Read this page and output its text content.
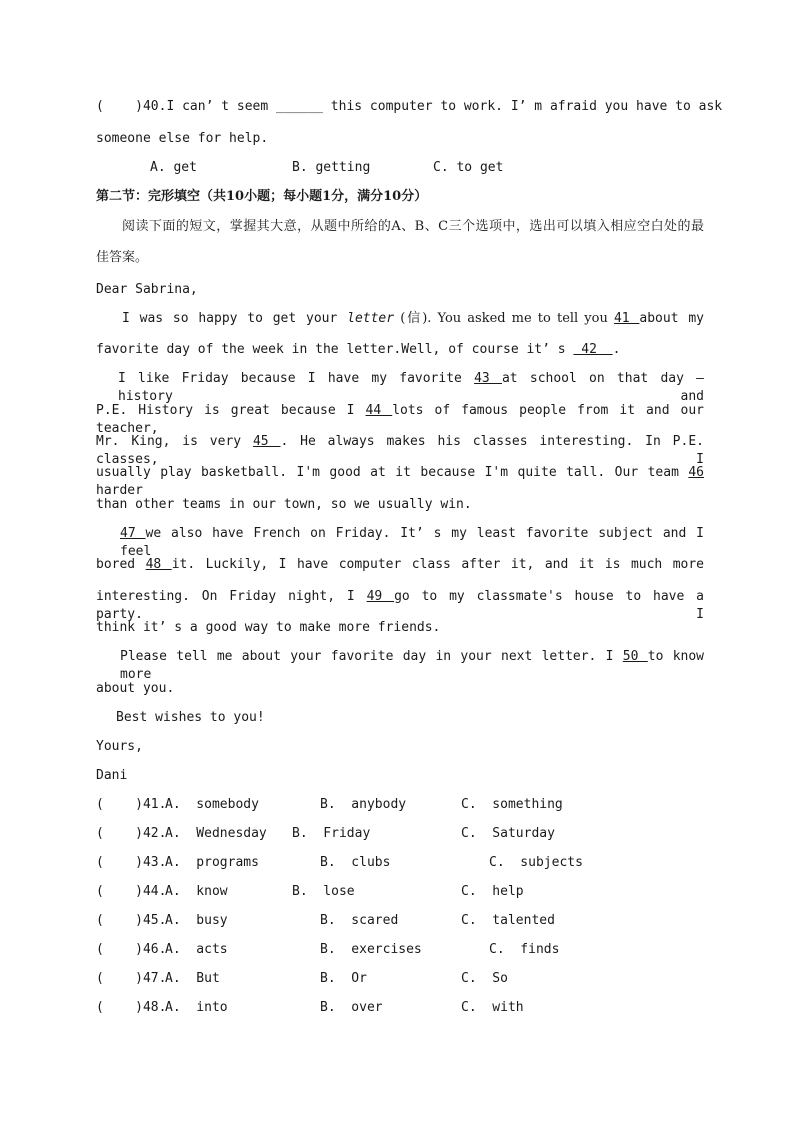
(    )40.I can’ t seem ______ this computer to work. I’ m afraid you have to ask
someone else for help.
A. get	B. getting	C. to get
第二节：完形填空（共10小题；每小题1分，满分10分）
阅读下面的短文，掌握其大意，从题中所给的A、B、C三个选项中，选出可以填入相应空白处的最
佳答案。
Dear Sabrina,
I was so happy to get your letter (信). You asked me to tell you 41 about my
favorite day of the week in the letter.Well, of course it’ s  42  .
I like Friday because I have my favorite 43 at school on that day — history and
P.E. History is great because I 44 lots of famous people from it and our teacher,
Mr. King, is very 45 . He always makes his classes interesting. In P.E. classes, I
usually play basketball. I'm good at it because I'm quite tall. Our team 46 harder
than other teams in our town, so we usually win.
47 we also have French on Friday. It’ s my least favorite subject and I feel
bored 48 it. Luckily, I have computer class after it, and it is much more
interesting. On Friday night, I 49 go to my classmate's house to have a party. I
think it’ s a good way to make more friends.
Please tell me about your favorite day in your next letter. I 50 to know more
about you.
Best wishes to you!
Yours,
Dani
(    )41.
A.  somebody	B.  anybody	C.  something
(    )42.
A.  Wednesday B.  Friday	C.  Saturday
(    )43.
A.  programs	B.  clubs	C.  subjects
(    )44.
A.  know	B.  lose	C.  help
(    )45.
A.  busy	B.  scared	C.  talented
(    )46.
A.  acts	B.  exercises	C.  finds
(    )47.
A.  But	B.  Or	C.  So
(    )48.
A.  into	B.  over	C.  with
